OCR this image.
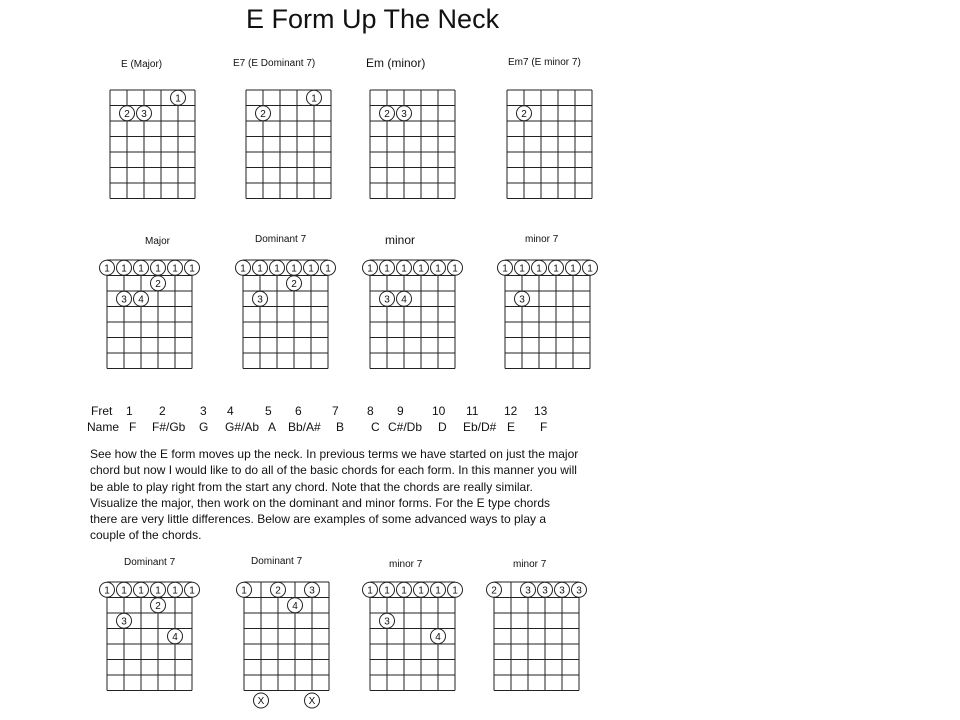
E Form Up The Neck
E (Major)	E7 (E Dominant 7)	Em (minor)	Em7 (E minor 7)
Major	Dominant 7	minor	minor 7
Dominant 7	Dominant 7	minor 7	minor 7
1
2 3
1
2	2 3	2
1 1 1 1 1 1
2
3 4
1 1 1 1 1 1
2
3
1 1 1 1 1 1
3 4
1 1 1 1 1 1
3
1 1 1 1 1 1
2
3
4
1	2	3
4
X	X
1 1 1 1 1 1
3
4
2	3 3 3 3
Fret 1 2	3 4	5 6	7 8 9 10 11 12 13
Name F F#/Gb G G#/Ab A Bb/A# B C C#/Db D Eb/D# E F

See how the E form moves up the neck. In previous terms we have started on just the major
chord but now I would like to do all of the basic chords for each form. In this manner you will
be able to play right from the start any chord. Note that the chords are really similar.
Visualize the major, then work on the dominant and minor forms. For the E type chords
there are very little differences. Below are examples of some advanced ways to play a
couple of the chords.
